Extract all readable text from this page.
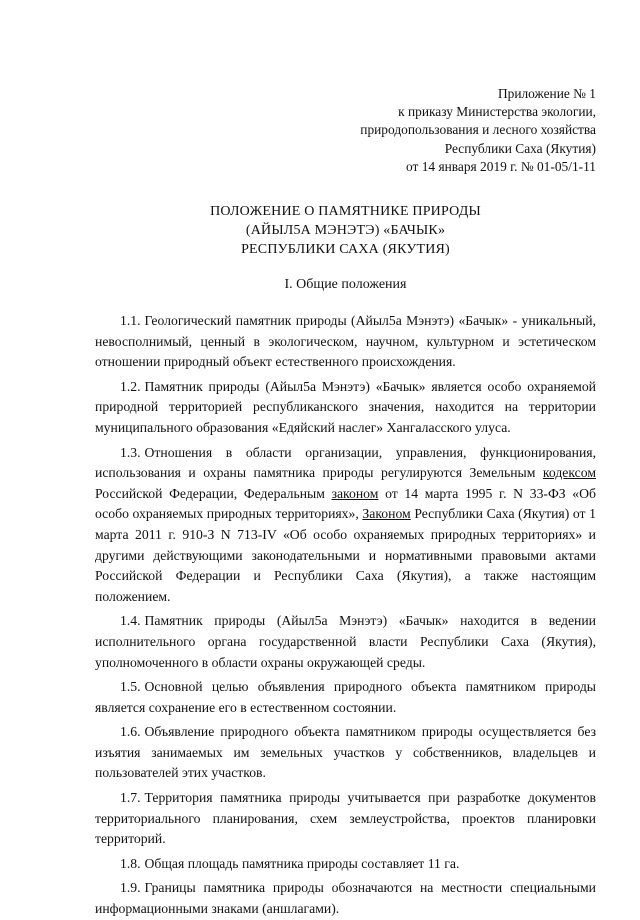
Приложение № 1
к приказу Министерства экологии,
природопользования и лесного хозяйства
Республики Саха (Якутия)
от 14 января 2019 г. № 01-05/1-11
ПОЛОЖЕНИЕ О ПАМЯТНИКЕ ПРИРОДЫ
(АЙЫЛ5А МЭНЭТЭ) «БАЧЫК»
РЕСПУБЛИКИ САХА (ЯКУТИЯ)
I. Общие положения

1.1. Геологический памятник природы (Айыл5а Мэнэтэ) «Бачык» - уникальный, невосполнимый, ценный в экологическом, научном, культурном и эстетическом отношении природный объект естественного происхождения.

1.2. Памятник природы (Айыл5а Мэнэтэ) «Бачык» является особо охраняемой природной территорией республиканского значения, находится на территории муниципального образования «Едяйский наслег» Хангаласского улуса.

1.3. Отношения в области организации, управления, функционирования, использования и охраны памятника природы регулируются Земельным кодексом Российской Федерации, Федеральным законом от 14 марта 1995 г. N 33-ФЗ «Об особо охраняемых природных территориях», Законом Республики Саха (Якутия) от 1 марта 2011 г. 910-З N 713-IV «Об особо охраняемых природных территориях» и другими действующими законодательными и нормативными правовыми актами Российской Федерации и Республики Саха (Якутия), а также настоящим положением.

1.4. Памятник природы (Айыл5а Мэнэтэ) «Бачык» находится в ведении исполнительного органа государственной власти Республики Саха (Якутия), уполномоченного в области охраны окружающей среды.

1.5. Основной целью объявления природного объекта памятником природы является сохранение его в естественном состоянии.

1.6. Объявление природного объекта памятником природы осуществляется без изъятия занимаемых им земельных участков у собственников, владельцев и пользователей этих участков.

1.7. Территория памятника природы учитывается при разработке документов территориального планирования, схем землеустройства, проектов планировки территорий.

1.8. Общая площадь памятника природы составляет 11 га.

1.9. Границы памятника природы обозначаются на местности специальными информационными знаками (аншлагами).
